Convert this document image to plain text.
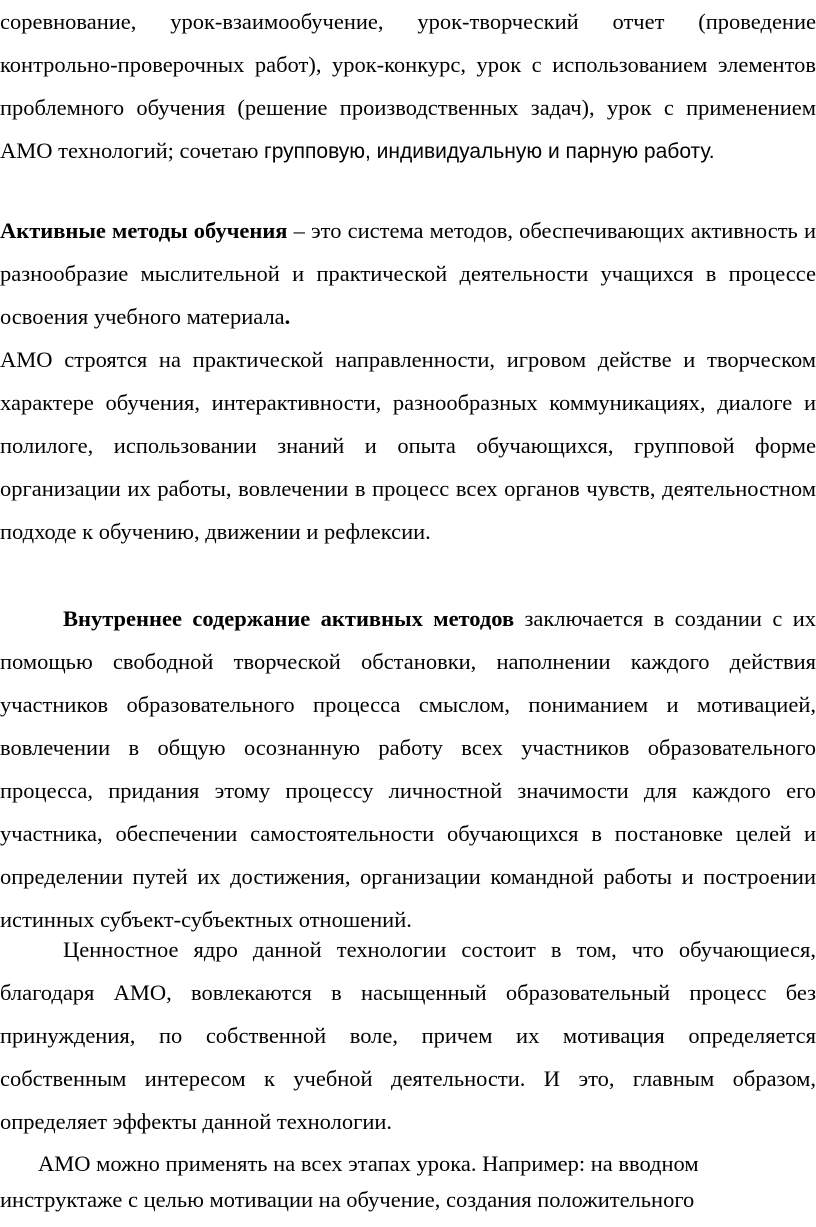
соревнование, урок-взаимообучение, урок-творческий отчет (проведение контрольно-проверочных работ), урок-конкурс, урок с использованием элементов проблемного обучения (решение производственных задач), урок с применением АМО технологий; сочетаю групповую, индивидуальную и парную работу.

Активные методы обучения – это система методов, обеспечивающих активность и разнообразие мыслительной и практической деятельности учащихся в процессе освоения учебного материала.

АМО строятся на практической направленности, игровом действе и творческом характере обучения, интерактивности, разнообразных коммуникациях, диалоге и полилоге, использовании знаний и опыта обучающихся, групповой форме организации их работы, вовлечении в процесс всех органов чувств, деятельностном подходе к обучению, движении и рефлексии.

Внутреннее содержание активных методов заключается в создании с их помощью свободной творческой обстановки, наполнении каждого действия участников образовательного процесса смыслом, пониманием и мотивацией, вовлечении в общую осознанную работу всех участников образовательного процесса, придания этому процессу личностной значимости для каждого его участника, обеспечении самостоятельности обучающихся в постановке целей и определении путей их достижения, организации командной работы и построении истинных субъект-субъектных отношений.

Ценностное ядро данной технологии состоит в том, что обучающиеся, благодаря АМО, вовлекаются в насыщенный образовательный процесс без принуждения, по собственной воле, причем их мотивация определяется собственным интересом к учебной деятельности. И это, главным образом, определяет эффекты данной технологии.

АМО можно применять на всех этапах урока. Например: на вводном инструктаже с целью мотивации на обучение, создания положительного
